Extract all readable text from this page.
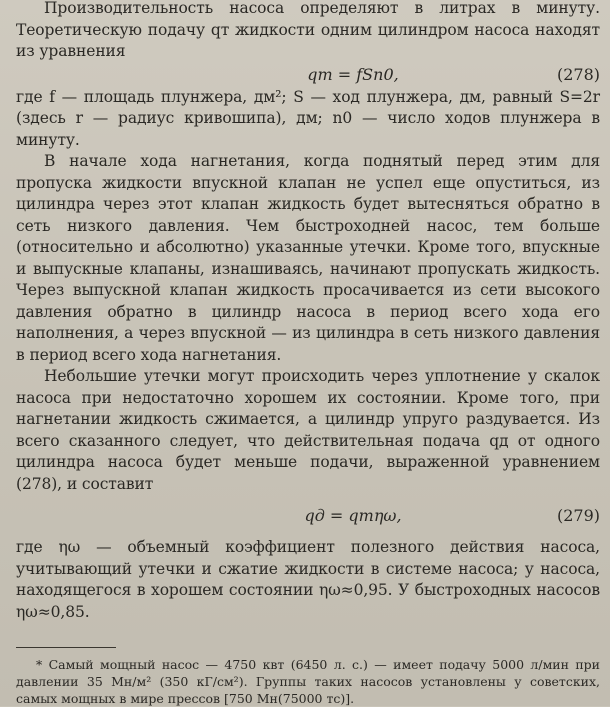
Производительность насоса определяют в литрах в минуту. Теоретическую подачу qт жидкости одним цилиндром насоса находят из уравнения

qт = fSn0,	(278)

где f — площадь плунжера, дм²; S — ход плунжера, дм, равный S=2r (здесь r — радиус кривошипа), дм; n0 — число ходов плунжера в минуту.

В начале хода нагнетания, когда поднятый перед этим для пропуска жидкости впускной клапан не успел еще опуститься, из цилиндра через этот клапан жидкость будет вытесняться обратно в сеть низкого давления. Чем быстроходней насос, тем больше (относительно и абсолютно) указанные утечки. Кроме того, впускные и выпускные клапаны, изнашиваясь, начинают пропускать жидкость. Через выпускной клапан жидкость просачивается из сети высокого давления обратно в цилиндр насоса в период всего хода его наполнения, а через впускной — из цилиндра в сеть низкого давления в период всего хода нагнетания.

Небольшие утечки могут происходить через уплотнение у скалок насоса при недостаточно хорошем их состоянии. Кроме того, при нагнетании жидкость сжимается, а цилиндр упруго раздувается. Из всего сказанного следует, что действительная подача qд от одного цилиндра насоса будет меньше подачи, выраженной уравнением (278), и составит

qд = qтηω,	(279)

где ηω — объемный коэффициент полезного действия насоса, учитывающий утечки и сжатие жидкости в системе насоса; у насоса, находящегося в хорошем состоянии ηω≈0,95. У быстроходных насосов ηω≈0,85.

* Самый мощный насос — 4750 квт (6450 л. с.) — имеет подачу 5000 л/мин при давлении 35 Мн/м² (350 кГ/см²). Группы таких насосов установлены у советских, самых мощных в мире прессов [750 Мн(75000 тс)].
